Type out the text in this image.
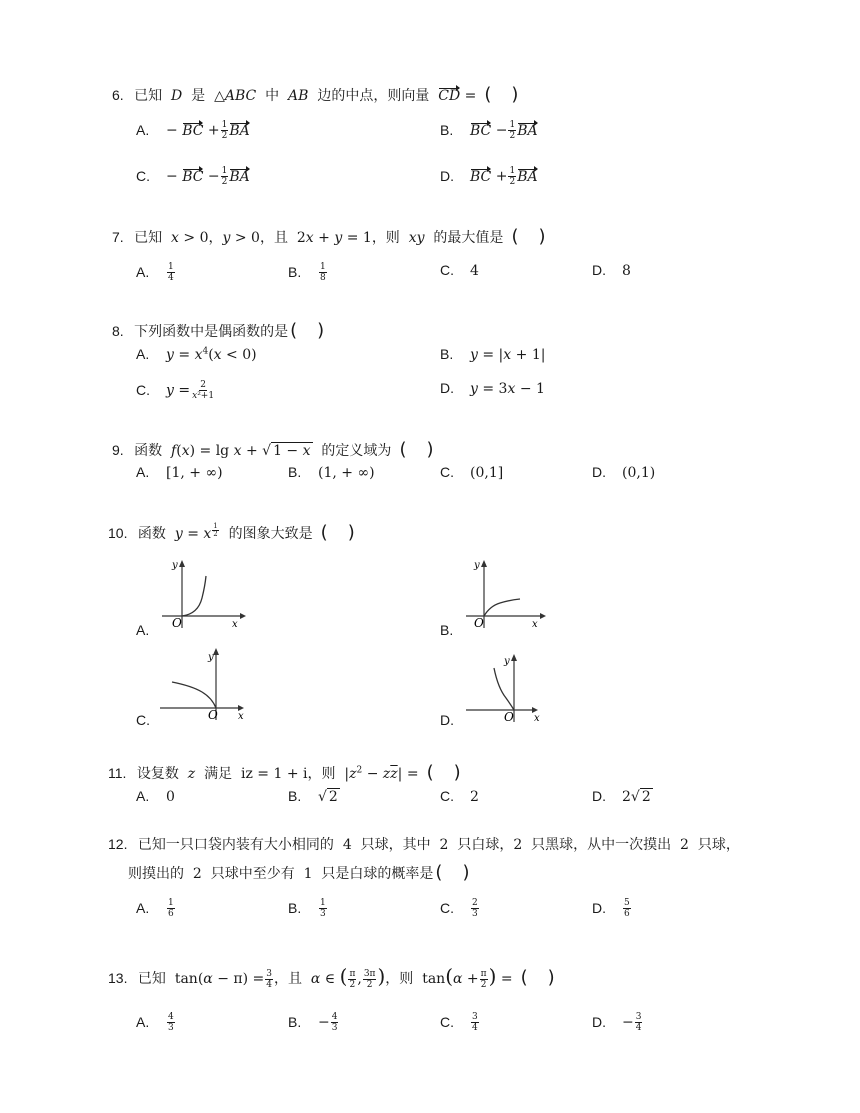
6. 已知  D  是  △ABC  中  AB  边的中点，则向量  CD = ()
A. − BC + $\frac{1}{2}$ BA	B. BC − $\frac{1}{2}$ BA
C. − BC − $\frac{1}{2}$ BA	D. BC + $\frac{1}{2}$ BA
7. 已知  x > 0，y > 0，且  2x + y = 1，则  xy  的最大值是 ()
A. $\frac{1}{4}$	B. $\frac{1}{8}$	C. 4	D. 8
8. 下列函数中是偶函数的是 ()
A. $y = x^4(x < 0)$	B. y = |x + 1|
C. $y = \frac{2}{\text{x²+1}}$	D. y = 3x − 1
9. 函数  f(x) = lg x + √ 1 − x  的定义域为 ()
A. [1, + ∞)	B. (1, + ∞)	C. (0,1]	D. (0,1)
10. 函数  y = x $^{\frac{1}{2}}$ 的图象大致是 ()
A.
y
O	x	B.
y
O	x
C.
y
O x	D.
y
O x
11. 设复数  z  满足  iz = 1 + i，则  $|z^2 - z\overline{z}|$ = ()
A. 0	B. √ 2	C. 2	D. 2√ 2
12. 已知一只口袋内装有大小相同的  4  只球，其中  2  只白球，2  只黑球，从中一次摸出  2  只球，
则摸出的  2  只球中至少有  1  只是白球的概率是 ()
A. $\frac{1}{6}$	B. $\frac{1}{3}$	C. $\frac{2}{3}$	D. $\frac{5}{6}$
13. 已知  $\tan(\alpha - \pi) = \frac{3}{4}$ ，且  α ∈ ( $\frac{\pi}{2}$ , $\frac{3\pi}{2}$ )，则  $\tan(\alpha + \frac{\pi}{2}$ ) = ()
A. $\frac{4}{3}$	B. − $\frac{4}{3}$	C. $\frac{3}{4}$	D. − $\frac{3}{4}$
